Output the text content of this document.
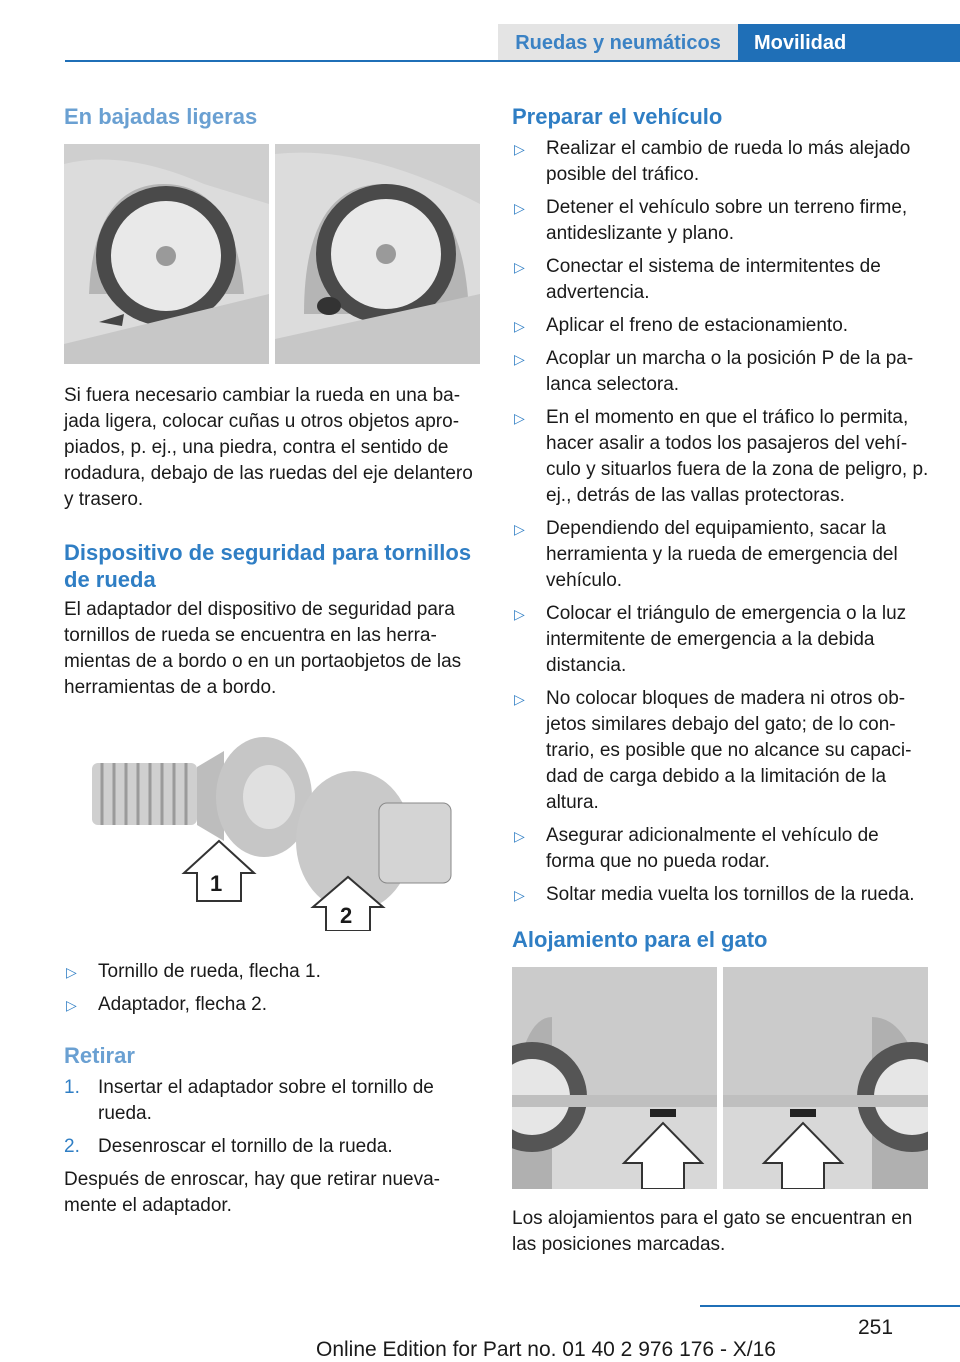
Ruedas y neumáticos	Movilidad
En bajadas ligeras

Si fuera necesario cambiar la rueda en una bajada ligera, colocar cuñas u otros objetos apropiados, p. ej., una piedra, contra el sentido de rodadura, debajo de las ruedas del eje delantero y trasero.

Dispositivo de seguridad para tornillos de rueda

El adaptador del dispositivo de seguridad para tornillos de rueda se encuentra en las herramientas de a bordo o en un portaobjetos de las herramientas de a bordo.

1
2
▷ Tornillo de rueda, flecha 1.
▷ Adaptador, flecha 2.
Retirar
1. Insertar el adaptador sobre el tornillo de rueda.
2. Desenroscar el tornillo de la rueda.

Después de enroscar, hay que retirar nuevamente el adaptador.

Preparar el vehículo
▷ Realizar el cambio de rueda lo más alejado posible del tráfico.
▷ Detener el vehículo sobre un terreno firme, antideslizante y plano.
▷ Conectar el sistema de intermitentes de advertencia.
▷ Aplicar el freno de estacionamiento.
▷ Acoplar un marcha o la posición P de la palanca selectora.
▷ En el momento en que el tráfico lo permita, hacer asalir a todos los pasajeros del vehículo y situarlos fuera de la zona de peligro, p. ej., detrás de las vallas protectoras.
▷ Dependiendo del equipamiento, sacar la herramienta y la rueda de emergencia del vehículo.
▷ Colocar el triángulo de emergencia o la luz intermitente de emergencia a la debida distancia.
▷ No colocar bloques de madera ni otros objetos similares debajo del gato; de lo contrario, es posible que no alcance su capacidad de carga debido a la limitación de la altura.
▷ Asegurar adicionalmente el vehículo de forma que no pueda rodar.
▷ Soltar media vuelta los tornillos de la rueda.
Alojamiento para el gato

Los alojamientos para el gato se encuentran en las posiciones marcadas.

251
Online Edition for Part no. 01 40 2 976 176 - X/16
